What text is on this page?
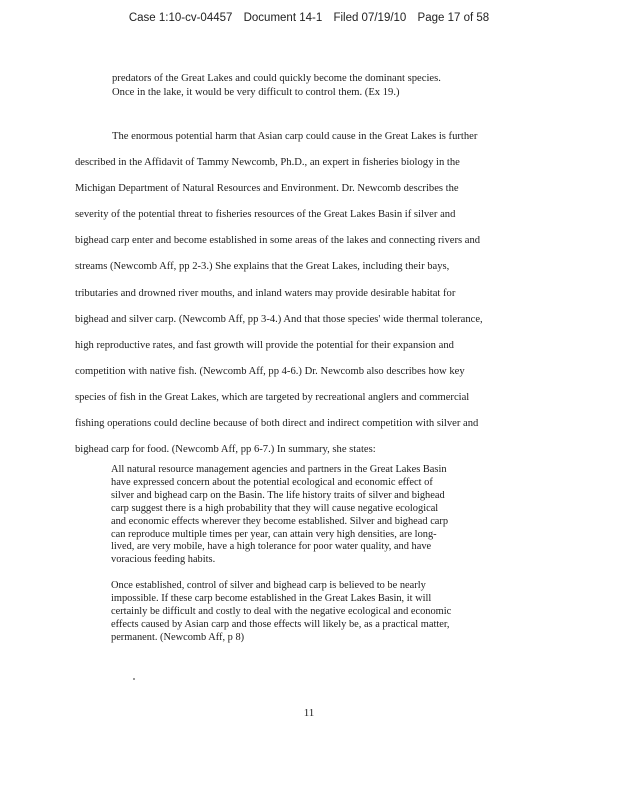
Case 1:10-cv-04457 Document 14-1 Filed 07/19/10 Page 17 of 58
predators of the Great Lakes and could quickly become the dominant species.
Once in the lake, it would be very difficult to control them. (Ex 19.)
The enormous potential harm that Asian carp could cause in the Great Lakes is further
described in the Affidavit of Tammy Newcomb, Ph.D., an expert in fisheries biology in the
Michigan Department of Natural Resources and Environment. Dr. Newcomb describes the
severity of the potential threat to fisheries resources of the Great Lakes Basin if silver and
bighead carp enter and become established in some areas of the lakes and connecting rivers and
streams (Newcomb Aff, pp 2-3.) She explains that the Great Lakes, including their bays,
tributaries and drowned river mouths, and inland waters may provide desirable habitat for
bighead and silver carp. (Newcomb Aff, pp 3-4.) And that those species' wide thermal tolerance,
high reproductive rates, and fast growth will provide the potential for their expansion and
competition with native fish. (Newcomb Aff, pp 4-6.) Dr. Newcomb also describes how key
species of fish in the Great Lakes, which are targeted by recreational anglers and commercial
fishing operations could decline because of both direct and indirect competition with silver and
bighead carp for food. (Newcomb Aff, pp 6-7.) In summary, she states:
All natural resource management agencies and partners in the Great Lakes Basin
have expressed concern about the potential ecological and economic effect of
silver and bighead carp on the Basin. The life history traits of silver and bighead
carp suggest there is a high probability that they will cause negative ecological
and economic effects wherever they become established. Silver and bighead carp
can reproduce multiple times per year, can attain very high densities, are long-
lived, are very mobile, have a high tolerance for poor water quality, and have
voracious feeding habits.
Once established, control of silver and bighead carp is believed to be nearly
impossible. If these carp become established in the Great Lakes Basin, it will
certainly be difficult and costly to deal with the negative ecological and economic
effects caused by Asian carp and those effects will likely be, as a practical matter,
permanent. (Newcomb Aff, p 8)
11
